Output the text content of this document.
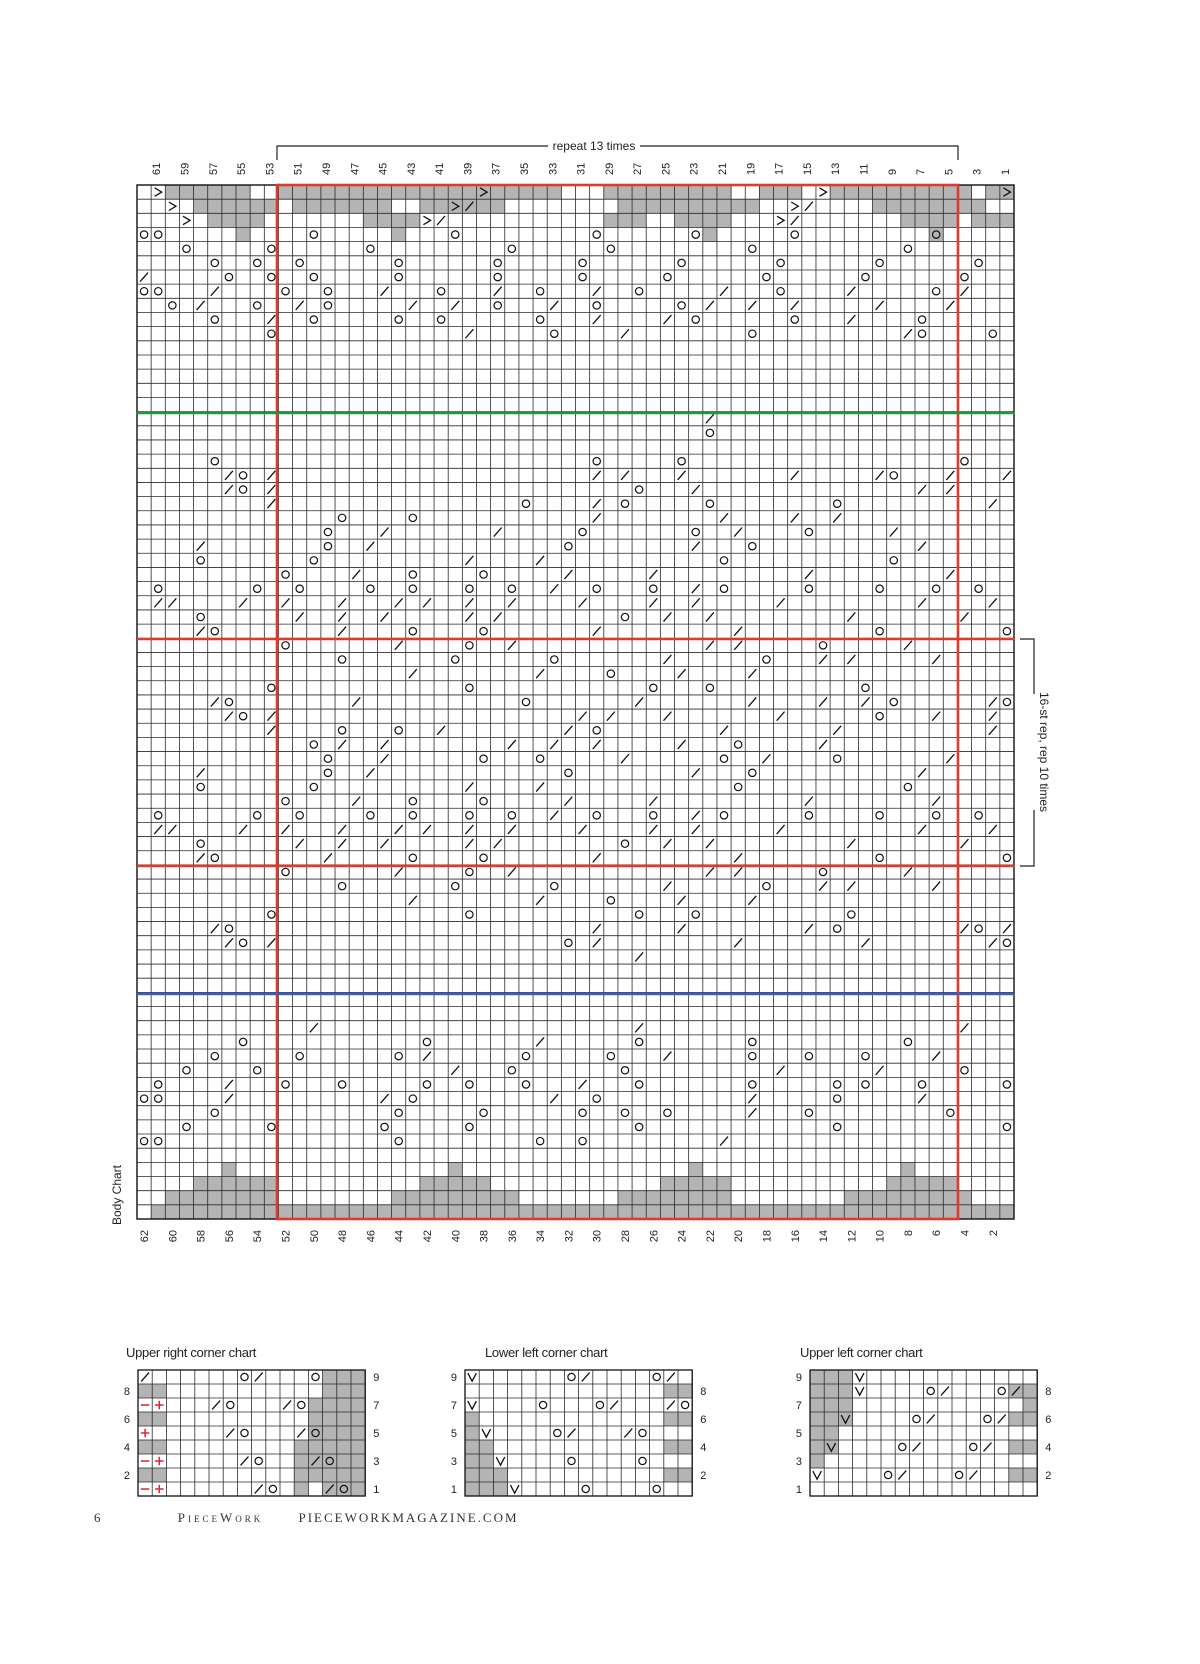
repeat 13 times
16-st rep, rep 10 times
Body Chart
61 59 57 55 53 51 49 47 45 43 41 39 37 35 33 31 29 27 25 23 21 19 17 15 13 11 9 7 5 3 1
62 60 58 56 54 52 50 48 46 44 42 40 38 36 34 32 30 28 26 24 22 20 18 16 14 12 10 8 6 4 2
Upper right corner chart
9
8
7
6
5
4
3
2
1
Lower left corner chart
9
8
7
6
5
4
3
2
1
Upper left corner chart
9
8
7
6
5
4
3
2
1
6	PieceWork	PIECEWORKMAGAZINE.COM
